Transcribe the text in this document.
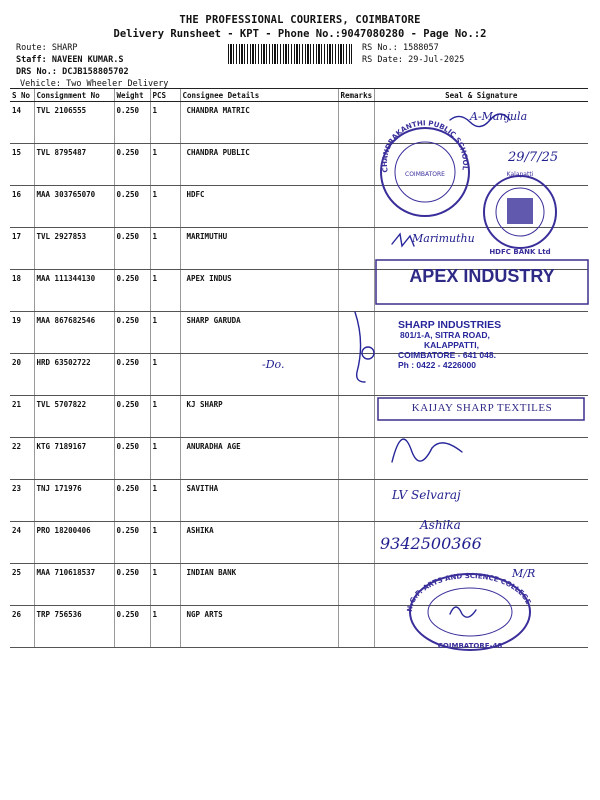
THE PROFESSIONAL COURIERS, COIMBATORE
Delivery Runsheet - KPT - Phone No.:9047080280 - Page No.:2
Route: SHARP
Staff: NAVEEN KUMAR.S
DRS No.: DCJB158805702
Vehicle: Two Wheeler Delivery
RS No.: 1588057
RS Date: 29-Jul-2025
S No	Consignment No	Weight	PCS	Consignee Details	Remarks	Seal & Signature
14	TVL 2106555	0.250	1	CHANDRA MATRIC		
15	TVL 8795487	0.250	1	CHANDRA PUBLIC		
16	MAA 303765070	0.250	1	HDFC		
17	TVL 2927853	0.250	1	MARIMUTHU		
18	MAA 111344130	0.250	1	APEX INDUS		
19	MAA 867682546	0.250	1	SHARP GARUDA		
20	HRD 63502722	0.250	1			
21	TVL 5707822	0.250	1	KJ SHARP		
22	KTG 7189167	0.250	1	ANURADHA AGE		
23	TNJ 171976	0.250	1	SAVITHA		
24	PRO 18200406	0.250	1	ASHIKA		
25	MAA 710618537	0.250	1	INDIAN BANK		
26	TRP 756536	0.250	1	NGP ARTS		
CHANDRAKANTHI PUBLIC SCHOOL
COIMBATORE
HDFC BANK Ltd
Kalapatti
N.G.P. ARTS AND SCIENCE COLLEGE
COIMBATORE-48
A-Manjula
29/7/25
Marimuthu
APEX INDUSTRY
SHARP INDUSTRIES
801/1-A, SITRA ROAD,
KALAPPATTI,
COIMBATORE - 641 048.
Ph : 0422 - 4226000
-Do.
KAIJAY SHARP TEXTILES
LV Selvaraj
Ashika
9342500366
M/R
